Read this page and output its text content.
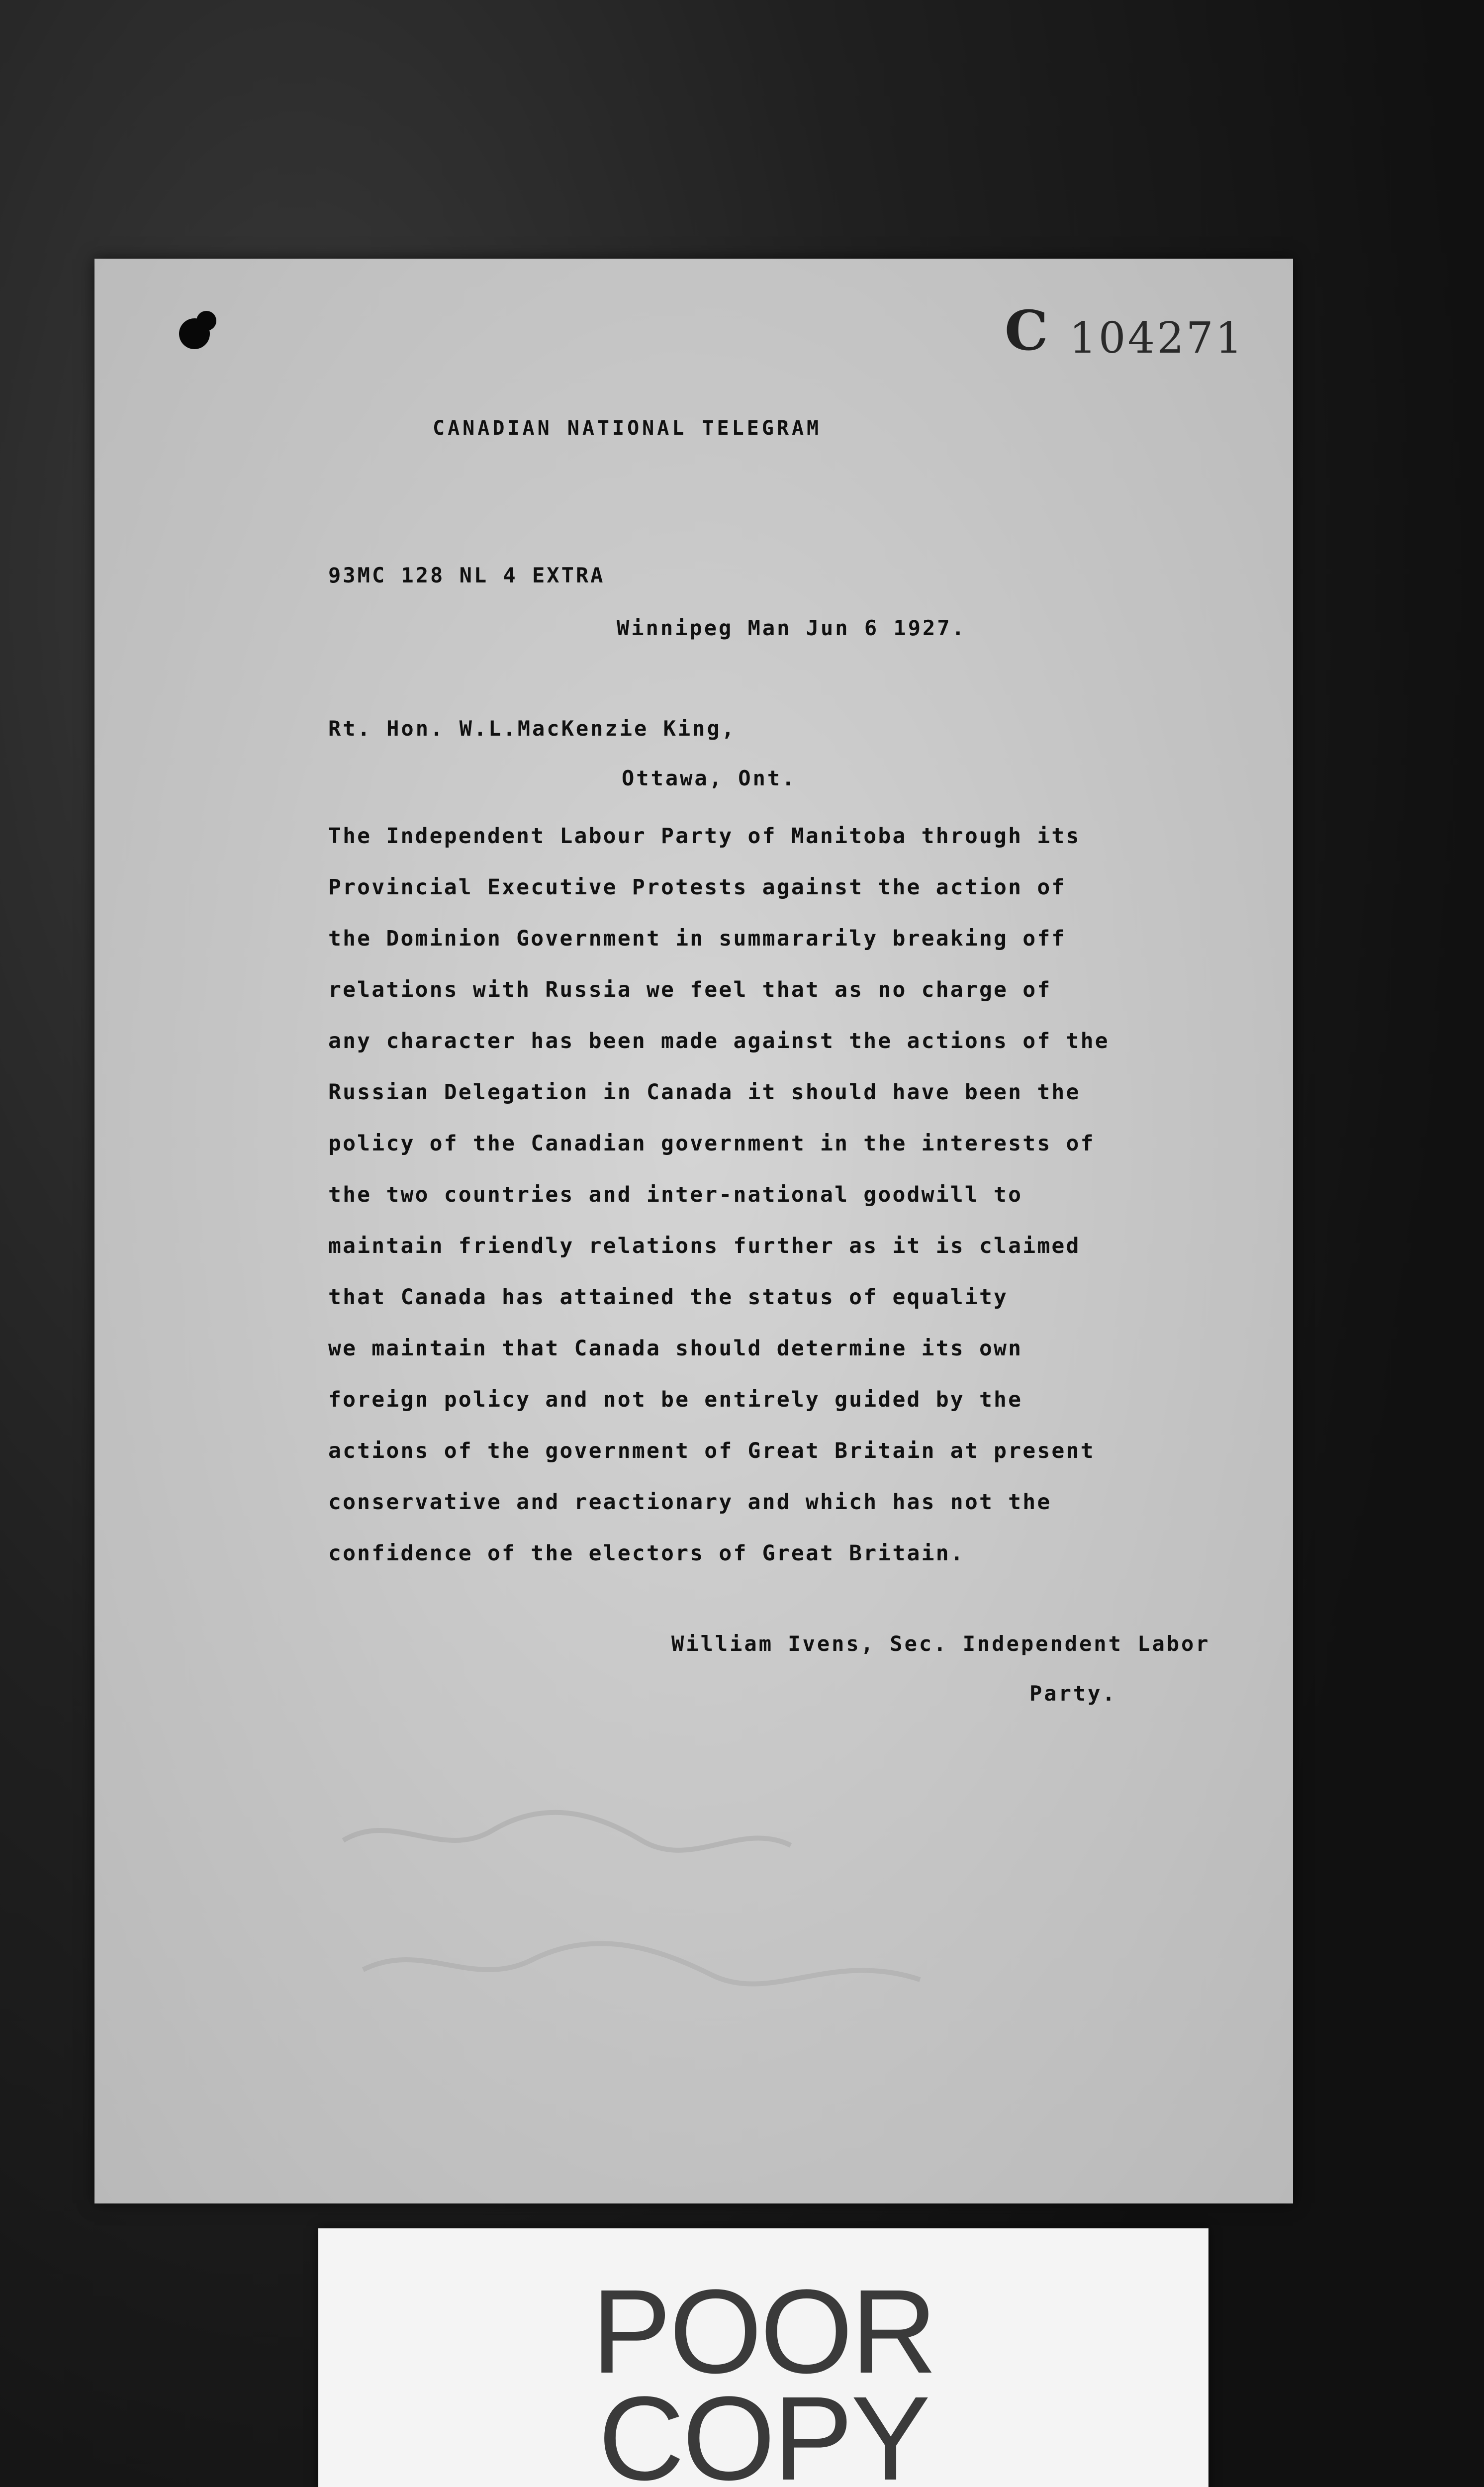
C 104271
CANADIAN NATIONAL TELEGRAM
93MC 128 NL 4 EXTRA
Winnipeg Man Jun 6 1927.
Rt. Hon. W.L.MacKenzie King,
Ottawa, Ont.
The Independent Labour Party of Manitoba through its
Provincial Executive Protests against the action of
the Dominion Government in summararily breaking off
relations with Russia we feel that as no charge of
any character has been made against the actions of the
Russian Delegation in Canada it should have been the
policy of the Canadian government in the interests of
the two countries and inter-national goodwill to
maintain friendly relations further as it is claimed
that Canada has attained the status of equality
we maintain that Canada should determine its own
foreign policy and not be entirely guided by the
actions of the government of Great Britain at present
conservative and reactionary and which has not the
confidence of the electors of Great Britain.
William Ivens, Sec. Independent Labor
Party.
POOR
COPY
